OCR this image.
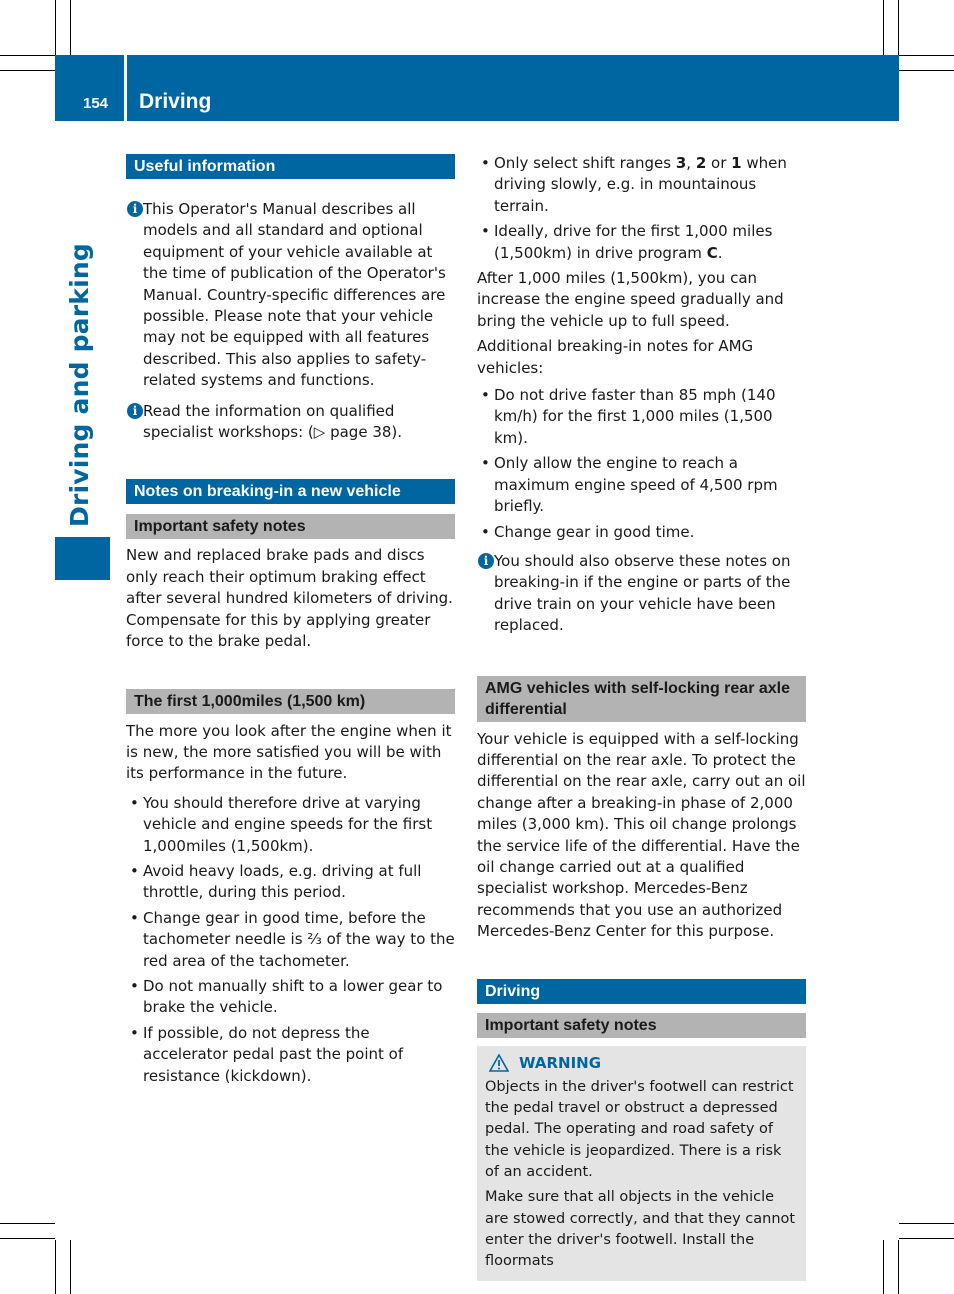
154 Driving
Driving and parking
Useful information
i This Operator's Manual describes all models and all standard and optional equipment of your vehicle available at the time of publication of the Operator's Manual. Country-specific differences are possible. Please note that your vehicle may not be equipped with all features described. This also applies to safety-related systems and functions.
i Read the information on qualified specialist workshops: (▷ page 38).
Notes on breaking-in a new vehicle
Important safety notes

New and replaced brake pads and discs only reach their optimum braking effect after several hundred kilometers of driving. Compensate for this by applying greater force to the brake pedal.

The first 1,000miles (1,500 km)

The more you look after the engine when it is new, the more satisfied you will be with its performance in the future.

• You should therefore drive at varying vehicle and engine speeds for the first 1,000miles (1,500km).
• Avoid heavy loads, e.g. driving at full throttle, during this period.
• Change gear in good time, before the tachometer needle is ⅔ of the way to the red area of the tachometer.
• Do not manually shift to a lower gear to brake the vehicle.
• If possible, do not depress the accelerator pedal past the point of resistance (kickdown).
• Only select shift ranges 3, 2 or 1 when driving slowly, e.g. in mountainous terrain.
• Ideally, drive for the first 1,000 miles (1,500km) in drive program C.

After 1,000 miles (1,500km), you can increase the engine speed gradually and bring the vehicle up to full speed.

Additional breaking-in notes for AMG vehicles:

• Do not drive faster than 85 mph (140 km/h) for the first 1,000 miles (1,500 km).
• Only allow the engine to reach a maximum engine speed of 4,500 rpm briefly.
• Change gear in good time.
i You should also observe these notes on breaking-in if the engine or parts of the drive train on your vehicle have been replaced.
AMG vehicles with self-locking rear axle differential

Your vehicle is equipped with a self-locking differential on the rear axle. To protect the differential on the rear axle, carry out an oil change after a breaking-in phase of 2,000 miles (3,000 km). This oil change prolongs the service life of the differential. Have the oil change carried out at a qualified specialist workshop. Mercedes-Benz recommends that you use an authorized Mercedes-Benz Center for this purpose.

Driving
Important safety notes
WARNING

Objects in the driver's footwell can restrict the pedal travel or obstruct a depressed pedal. The operating and road safety of the vehicle is jeopardized. There is a risk of an accident.

Make sure that all objects in the vehicle are stowed correctly, and that they cannot enter the driver's footwell. Install the floormats
